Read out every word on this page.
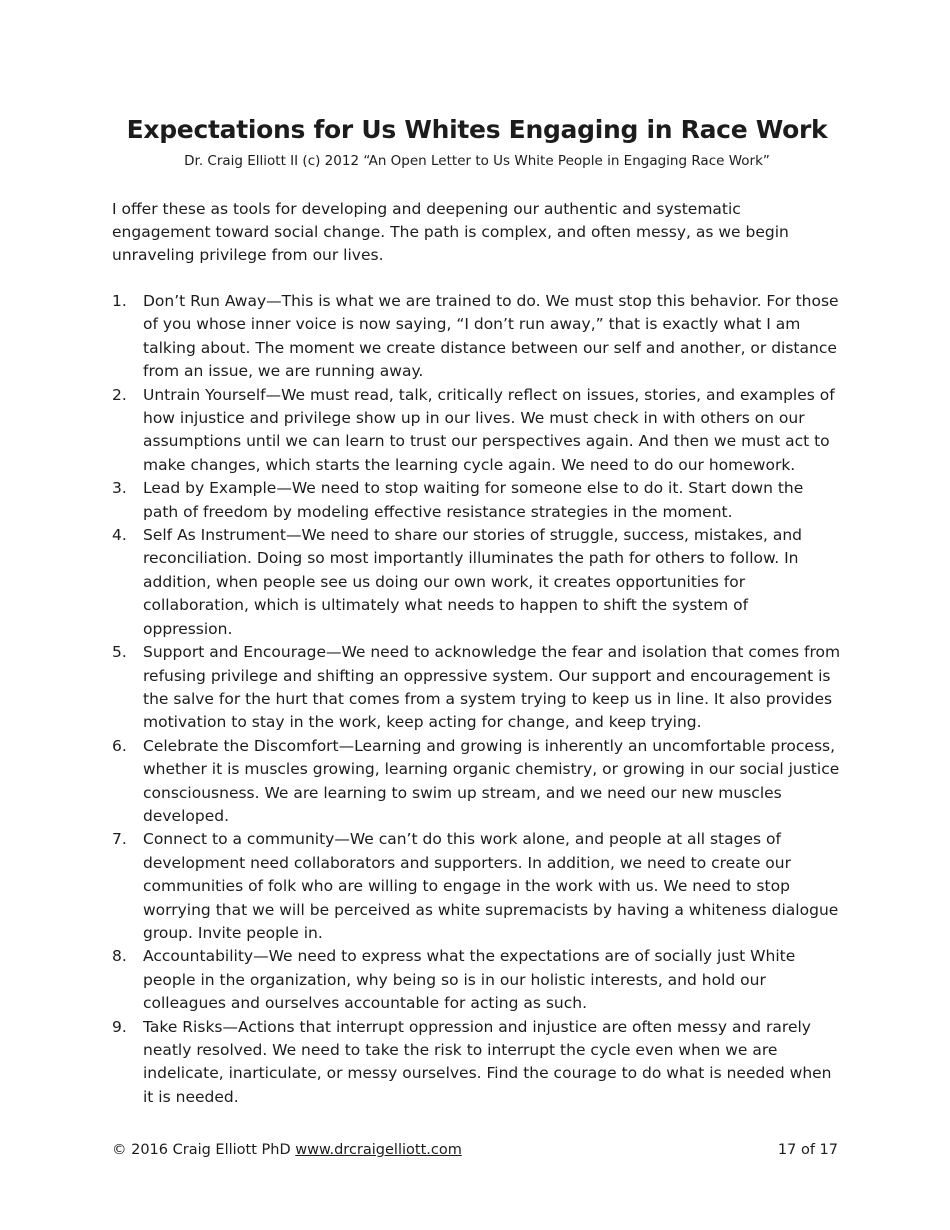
Expectations for Us Whites Engaging in Race Work

Dr. Craig Elliott II (c) 2012 “An Open Letter to Us White People in Engaging Race Work”

I offer these as tools for developing and deepening our authentic and systematic engagement toward social change. The path is complex, and often messy, as we begin unraveling privilege from our lives.

1. Don’t Run Away—This is what we are trained to do. We must stop this behavior. For those of you whose inner voice is now saying, “I don’t run away,” that is exactly what I am talking about. The moment we create distance between our self and another, or distance from an issue, we are running away.
2. Untrain Yourself—We must read, talk, critically reflect on issues, stories, and examples of how injustice and privilege show up in our lives. We must check in with others on our assumptions until we can learn to trust our perspectives again. And then we must act to make changes, which starts the learning cycle again. We need to do our homework.
3. Lead by Example—We need to stop waiting for someone else to do it. Start down the path of freedom by modeling effective resistance strategies in the moment.
4. Self As Instrument—We need to share our stories of struggle, success, mistakes, and reconciliation. Doing so most importantly illuminates the path for others to follow. In addition, when people see us doing our own work, it creates opportunities for collaboration, which is ultimately what needs to happen to shift the system of oppression.
5. Support and Encourage—We need to acknowledge the fear and isolation that comes from refusing privilege and shifting an oppressive system. Our support and encouragement is the salve for the hurt that comes from a system trying to keep us in line. It also provides motivation to stay in the work, keep acting for change, and keep trying.
6. Celebrate the Discomfort—Learning and growing is inherently an uncomfortable process, whether it is muscles growing, learning organic chemistry, or growing in our social justice consciousness. We are learning to swim up stream, and we need our new muscles developed.
7. Connect to a community—We can’t do this work alone, and people at all stages of development need collaborators and supporters. In addition, we need to create our communities of folk who are willing to engage in the work with us. We need to stop worrying that we will be perceived as white supremacists by having a whiteness dialogue group. Invite people in.
8. Accountability—We need to express what the expectations are of socially just White people in the organization, why being so is in our holistic interests, and hold our colleagues and ourselves accountable for acting as such.
9. Take Risks—Actions that interrupt oppression and injustice are often messy and rarely neatly resolved. We need to take the risk to interrupt the cycle even when we are indelicate, inarticulate, or messy ourselves. Find the courage to do what is needed when it is needed.
© 2016 Craig Elliott PhD www.drcraigelliott.com	17 of 17
